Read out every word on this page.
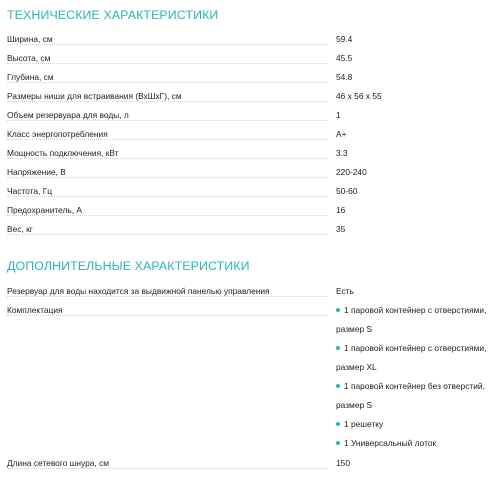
ТЕХНИЧЕСКИЕ ХАРАКТЕРИСТИКИ
Ширина, см	59.4
Высота, см	45.5
Глубина, см	54.8
Размеры ниши для встраивания (ВхШхГ), см	46 x 56 x 55
Объем резервуара для воды, л	1
Класс энергопотребления	A+
Мощность подключения, кВт	3.3
Напряжение, В	220-240
Частота, Гц	50-60
Предохранитель, А	16
Вес, кг	35
ДОПОЛНИТЕЛЬНЫЕ ХАРАКТЕРИСТИКИ
Резервуар для воды находится за выдвижной панелью управления	Есть
Комплектация	1 паровой контейнер с отверстиями,
размер S
1 паровой контейнер с отверстиями,
размер XL
1 паровой контейнер без отверстий,
размер S
1 решетку
1 Универсальный лоток
Длина сетевого шнура, см	150
